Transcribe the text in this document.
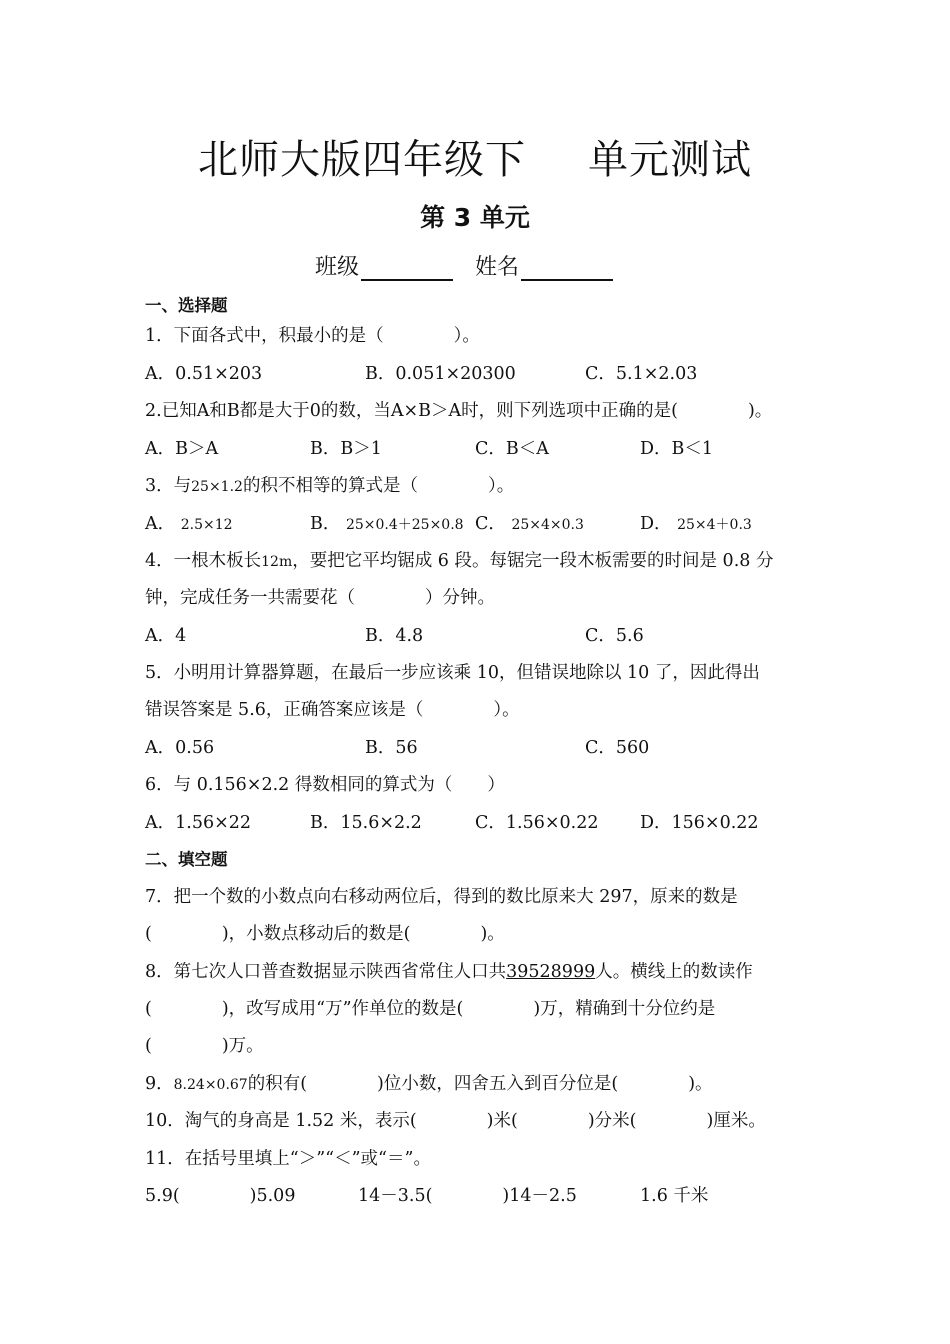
北师大版四年级下 单元测试
第 3 单元
班级	姓名
一、选择题
1．下面各式中，积最小的是（　　　　）。
A．0.51×203	B．0.051×20300	C．5.1×2.03
2.已知A和B都是大于0的数，当A×B＞A时，则下列选项中正确的是(　　　　)。
A．B＞A	B．B＞1	C．B＜A	D．B＜1
3．与25×1.2的积不相等的算式是（　　　　）。
A． 2.5×12	B． 25×0.4＋25×0.8 C． 25×4×0.3	D． 25×4＋0.3
4．一根木板长12m，要把它平均锯成 6 段。每锯完一段木板需要的时间是 0.8 分
钟，完成任务一共需要花（　　　　）分钟。
A．4	B．4.8	C．5.6
5．小明用计算器算题，在最后一步应该乘 10，但错误地除以 10 了，因此得出
错误答案是 5.6，正确答案应该是（　　　　）。
A．0.56	B．56	C．560
6．与 0.156×2.2 得数相同的算式为（　　）
A．1.56×22	B．15.6×2.2	C．1.56×0.22 D．156×0.22
二、填空题
7．把一个数的小数点向右移动两位后，得到的数比原来大 297，原来的数是
(　　　　)，小数点移动后的数是(　　　　)。
8．第七次人口普查数据显示陕西省常住人口共39528999人。横线上的数读作
(　　　　)，改写成用“万”作单位的数是(　　　　)万，精确到十分位约是
(　　　　)万。
9．8.24×0.67的积有(　　　　)位小数，四舍五入到百分位是(　　　　)。
10．淘气的身高是 1.52 米，表示(　　　　)米(　　　　)分米(　　　　)厘米。
11．在括号里填上“＞”“＜”或“＝”。
5.9(　　　　)5.09	14－3.5(　　　　)14－2.5	1.6 千米
